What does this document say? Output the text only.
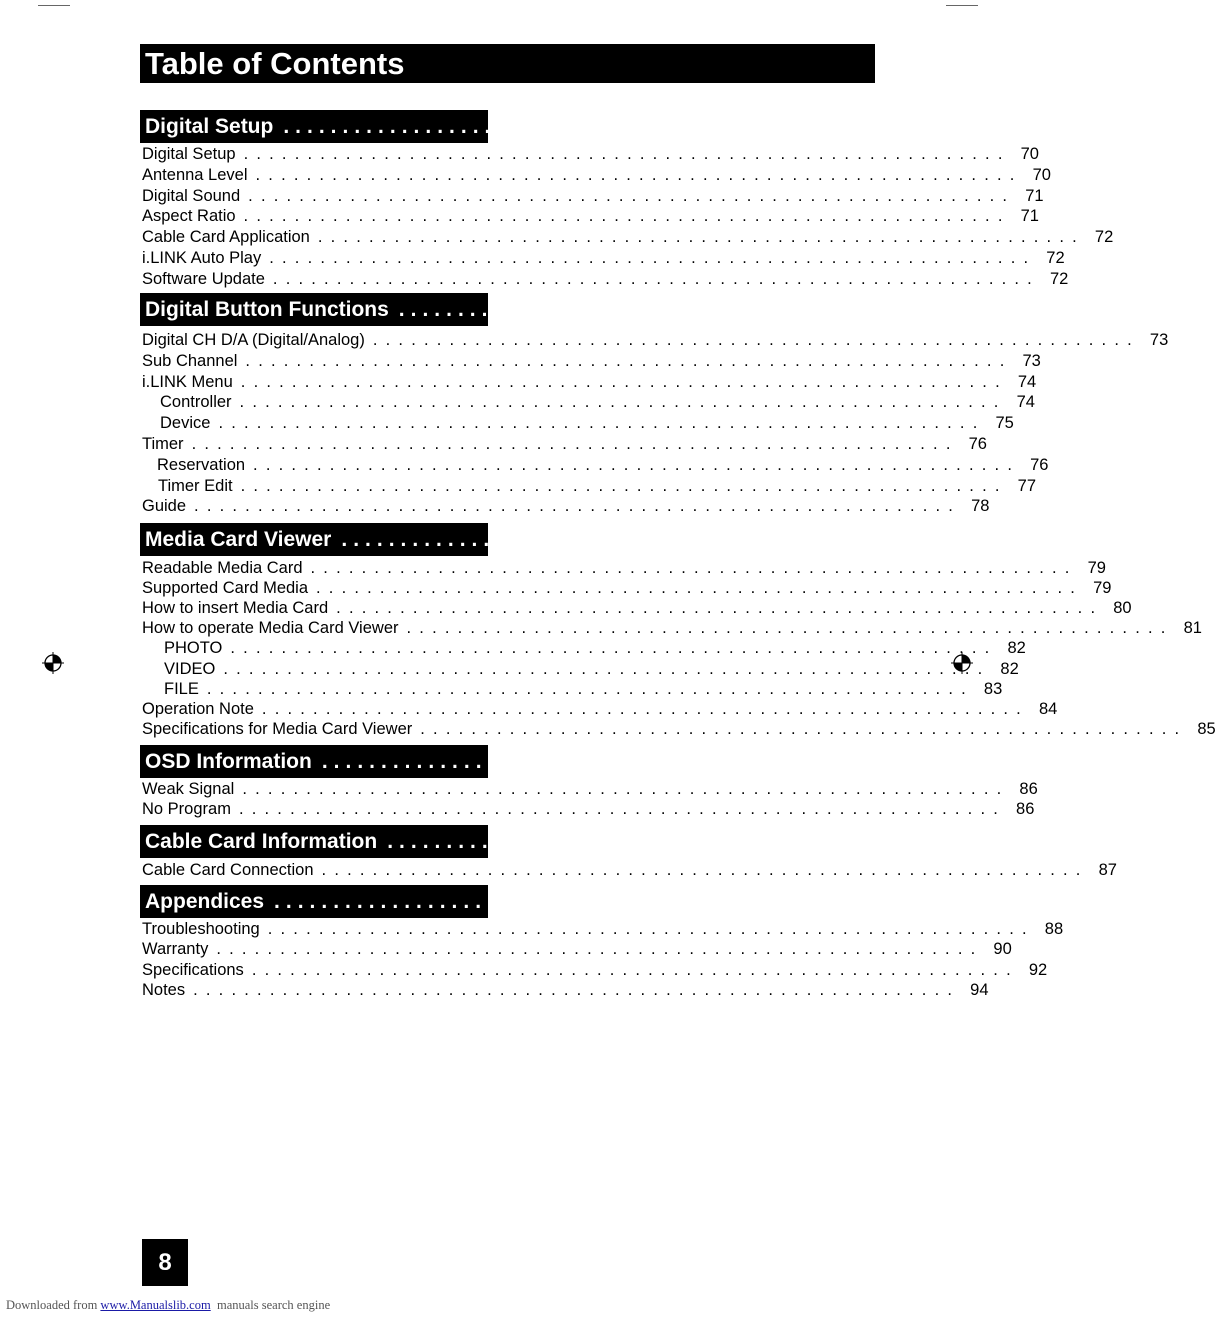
Table of Contents
Digital Setup ............................................................ 70
Digital Setup ............................................................ 70
Antenna Level ............................................................ 70
Digital Sound ............................................................ 71
Aspect Ratio ............................................................ 71
Cable Card Application ............................................................ 72
i.LINK Auto Play ............................................................ 72
Software Update ............................................................ 72
Digital Button Functions ............................................................ 73
Digital CH D/A (Digital/Analog) ............................................................ 73
Sub Channel ............................................................ 73
i.LINK Menu ............................................................ 74
Controller ............................................................ 74
Device ............................................................ 75
Timer ............................................................ 76
Reservation ............................................................ 76
Timer Edit ............................................................ 77
Guide ............................................................ 78
Media Card Viewer ............................................................ 79
Readable Media Card ............................................................ 79
Supported Card Media ............................................................ 79
How to insert Media Card ............................................................ 80
How to operate Media Card Viewer ............................................................ 81
PHOTO ............................................................ 82
VIDEO ............................................................ 82
FILE ............................................................ 83
Operation Note ............................................................ 84
Specifications for Media Card Viewer ............................................................ 85
OSD Information ............................................................ 86
Weak Signal ............................................................ 86
No Program ............................................................ 86
Cable Card Information ............................................................ 87
Cable Card Connection ............................................................ 87
Appendices ............................................................ 88
Troubleshooting ............................................................ 88
Warranty ............................................................ 90
Specifications ............................................................ 92
Notes ............................................................ 94
8
Downloaded from www.Manualslib.com manuals search engine
